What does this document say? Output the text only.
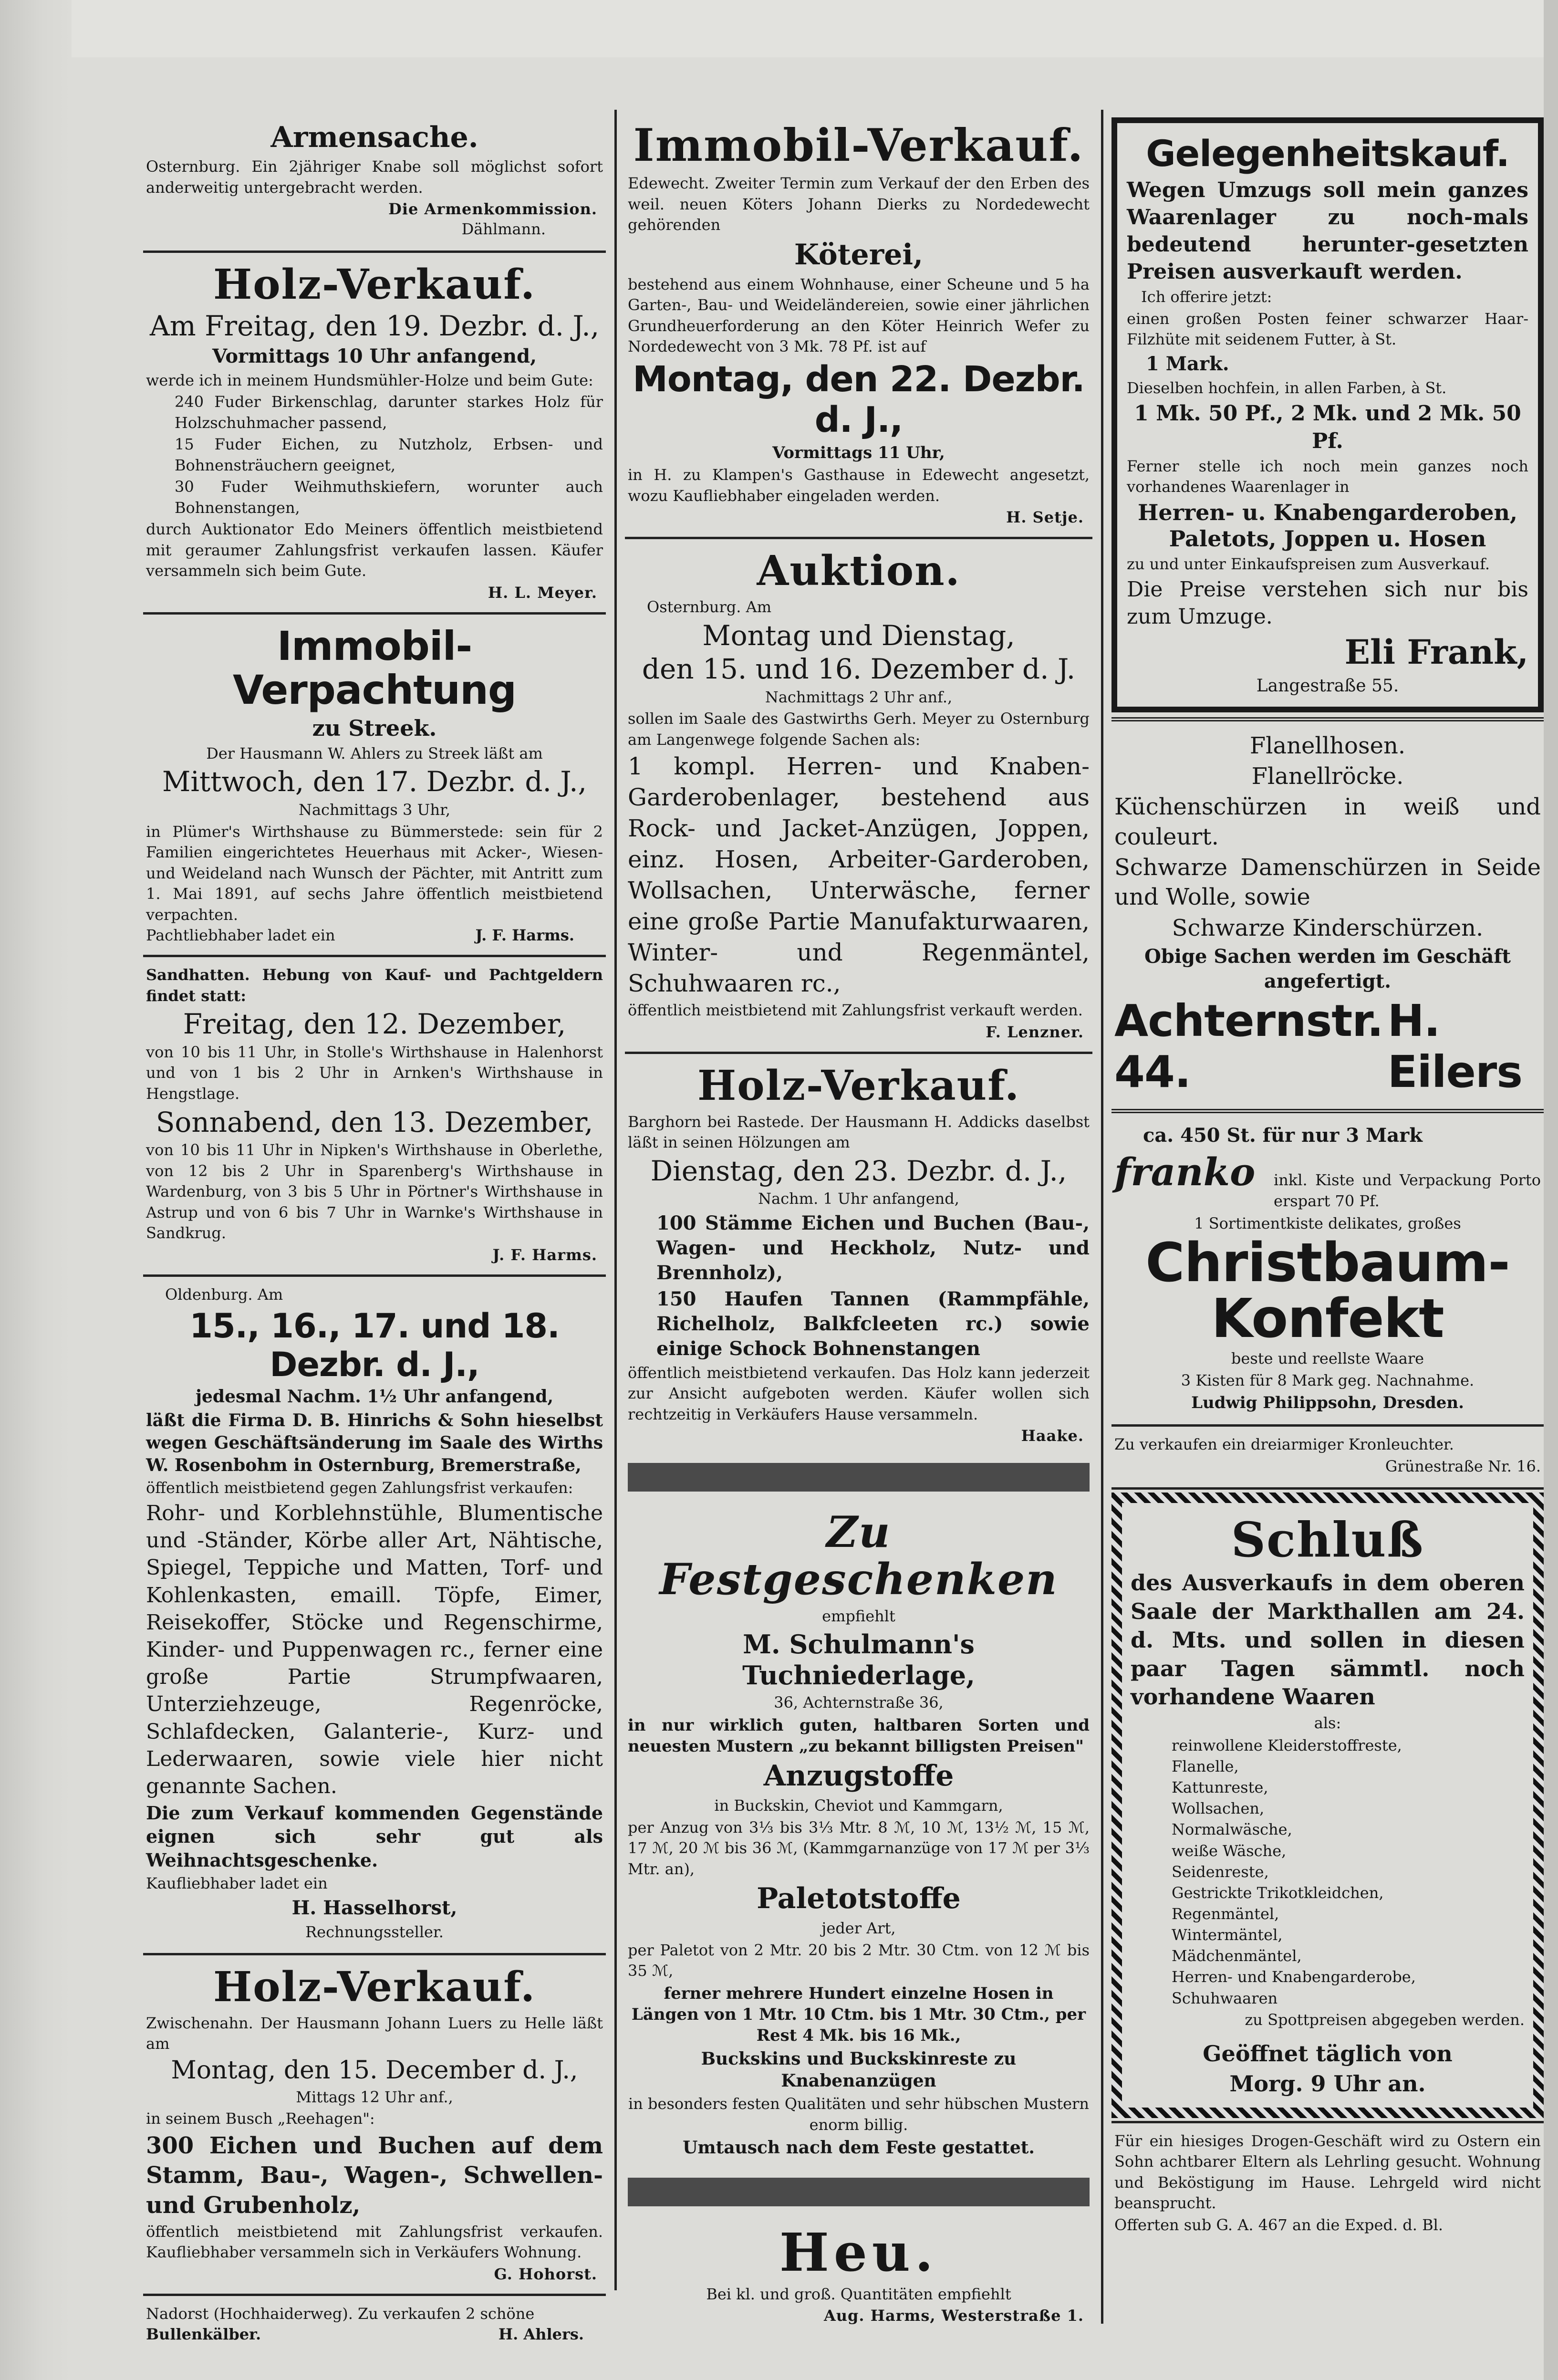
Armensache.
Osternburg. Ein 2jähriger Knabe soll möglichst sofort anderweitig untergebracht werden.
Die Armenkommission.
Dählmann.
Holz-Verkauf.
Am Freitag, den 19. Dezbr. d. J.,
Vormittags 10 Uhr anfangend,
werde ich in meinem Hundsmühler-Holze und beim Gute:
240 Fuder Birkenschlag, darunter starkes Holz für Holzschuhmacher passend,
15 Fuder Eichen, zu Nutzholz, Erbsen- und Bohnensträuchern geeignet,
30 Fuder Weihmuthskiefern, worunter auch Bohnenstangen,
durch Auktionator Edo Meiners öffentlich meistbietend mit geraumer Zahlungsfrist verkaufen lassen. Käufer versammeln sich beim Gute.
H. L. Meyer.
Immobil-Verpachtung
zu Streek.
Der Hausmann W. Ahlers zu Streek läßt am
Mittwoch, den 17. Dezbr. d. J.,
Nachmittags 3 Uhr,
in Plümer's Wirthshause zu Bümmerstede: sein für 2 Familien eingerichtetes Heuerhaus mit Acker-, Wiesen- und Weideland nach Wunsch der Pächter, mit Antritt zum 1. Mai 1891, auf sechs Jahre öffentlich meistbietend verpachten.
Pachtliebhaber ladet ein	J. F. Harms.
Sandhatten. Hebung von Kauf- und Pachtgeldern findet statt:
Freitag, den 12. Dezember,
von 10 bis 11 Uhr, in Stolle's Wirthshause in Halenhorst und von 1 bis 2 Uhr in Arnken's Wirthshause in Hengstlage.
Sonnabend, den 13. Dezember,
von 10 bis 11 Uhr in Nipken's Wirthshause in Oberlethe, von 12 bis 2 Uhr in Sparenberg's Wirthshause in Wardenburg, von 3 bis 5 Uhr in Pörtner's Wirthshause in Astrup und von 6 bis 7 Uhr in Warnke's Wirthshause in Sandkrug.
J. F. Harms.
Oldenburg. Am
15., 16., 17. und 18. Dezbr. d. J.,
jedesmal Nachm. 1½ Uhr anfangend,
läßt die Firma D. B. Hinrichs & Sohn hieselbst wegen Geschäftsänderung im Saale des Wirths W. Rosenbohm in Osternburg, Bremerstraße,
öffentlich meistbietend gegen Zahlungsfrist verkaufen:
Rohr- und Korblehnstühle, Blumentische und -Ständer, Körbe aller Art, Nähtische, Spiegel, Teppiche und Matten, Torf- und Kohlenkasten, emaill. Töpfe, Eimer, Reisekoffer, Stöcke und Regenschirme, Kinder- und Puppenwagen rc., ferner eine große Partie Strumpfwaaren, Unterziehzeuge, Regenröcke, Schlafdecken, Galanterie-, Kurz- und Lederwaaren, sowie viele hier nicht genannte Sachen.
Die zum Verkauf kommenden Gegenstände eignen sich sehr gut als Weihnachtsgeschenke.
Kaufliebhaber ladet ein
H. Hasselhorst,
Rechnungssteller.
Holz-Verkauf.
Zwischenahn. Der Hausmann Johann Luers zu Helle läßt am
Montag, den 15. December d. J.,
Mittags 12 Uhr anf.,
in seinem Busch „Reehagen":
300 Eichen und Buchen auf dem Stamm, Bau-, Wagen-, Schwellen- und Grubenholz,
öffentlich meistbietend mit Zahlungsfrist verkaufen. Kaufliebhaber versammeln sich in Verkäufers Wohnung.
G. Hohorst.
Nadorst (Hochhaiderweg). Zu verkaufen 2 schöne
Bullenkälber.	H. Ahlers.
Immobil-Verkauf.
Edewecht. Zweiter Termin zum Verkauf der den Erben des weil. neuen Köters Johann Dierks zu Nordedewecht gehörenden
Köterei,
bestehend aus einem Wohnhause, einer Scheune und 5 ha Garten-, Bau- und Weideländereien, sowie einer jährlichen Grundheuerforderung an den Köter Heinrich Wefer zu Nordedewecht von 3 Mk. 78 Pf. ist auf
Montag, den 22. Dezbr. d. J.,
Vormittags 11 Uhr,
in H. zu Klampen's Gasthause in Edewecht angesetzt, wozu Kaufliebhaber eingeladen werden.
H. Setje.
Auktion.
Osternburg. Am
Montag und Dienstag,
den 15. und 16. Dezember d. J.
Nachmittags 2 Uhr anf.,
sollen im Saale des Gastwirths Gerh. Meyer zu Osternburg am Langenwege folgende Sachen als:
1 kompl. Herren- und Knaben-Garderobenlager, bestehend aus Rock- und Jacket-Anzügen, Joppen, einz. Hosen, Arbeiter-Garderoben, Wollsachen, Unterwäsche, ferner eine große Partie Manufakturwaaren, Winter- und Regenmäntel, Schuhwaaren rc.,
öffentlich meistbietend mit Zahlungsfrist verkauft werden.
F. Lenzner.
Holz-Verkauf.
Barghorn bei Rastede. Der Hausmann H. Addicks daselbst läßt in seinen Hölzungen am
Dienstag, den 23. Dezbr. d. J.,
Nachm. 1 Uhr anfangend,
100 Stämme Eichen und Buchen (Bau-, Wagen- und Heckholz, Nutz- und Brennholz),
150 Haufen Tannen (Rammpfähle, Richelholz, Balkfcleeten rc.) sowie einige Schock Bohnenstangen
öffentlich meistbietend verkaufen. Das Holz kann jederzeit zur Ansicht aufgeboten werden. Käufer wollen sich rechtzeitig in Verkäufers Hause versammeln.
Haake.
Zu Festgeschenken
empfiehlt
M. Schulmann's Tuchniederlage,
36, Achternstraße 36,
in nur wirklich guten, haltbaren Sorten und neuesten Mustern „zu bekannt billigsten Preisen"
Anzugstoffe
in Buckskin, Cheviot und Kammgarn,
per Anzug von 3⅓ bis 3⅓ Mtr. 8 ℳ, 10 ℳ, 13½ ℳ, 15 ℳ, 17 ℳ, 20 ℳ bis 36 ℳ, (Kammgarnanzüge von 17 ℳ per 3⅓ Mtr. an),
Paletotstoffe
jeder Art,
per Paletot von 2 Mtr. 20 bis 2 Mtr. 30 Ctm. von 12 ℳ bis 35 ℳ,
ferner mehrere Hundert einzelne Hosen in Längen von 1 Mtr. 10 Ctm. bis 1 Mtr. 30 Ctm., per Rest 4 Mk. bis 16 Mk.,
Buckskins und Buckskinreste zu Knabenanzügen
in besonders festen Qualitäten und sehr hübschen Mustern enorm billig.
Umtausch nach dem Feste gestattet.
Heu.
Bei kl. und groß. Quantitäten empfiehlt
Aug. Harms, Westerstraße 1.
Gelegenheitskauf.
Wegen Umzugs soll mein ganzes Waarenlager zu noch-mals bedeutend herunter-gesetzten Preisen ausverkauft werden.
Ich offerire jetzt:
einen großen Posten feiner schwarzer Haar-Filzhüte mit seidenem Futter, à St.
1 Mark.
Dieselben hochfein, in allen Farben, à St.
1 Mk. 50 Pf., 2 Mk. und 2 Mk. 50 Pf.
Ferner stelle ich noch mein ganzes noch vorhandenes Waarenlager in
Herren- u. Knabengarderoben, Paletots, Joppen u. Hosen
zu und unter Einkaufspreisen zum Ausverkauf.
Die Preise verstehen sich nur bis zum Umzuge.
Eli Frank,
Langestraße 55.
Flanellhosen.
Flanellröcke.
Küchenschürzen in weiß und couleurt.
Schwarze Damenschürzen in Seide und Wolle, sowie
Schwarze Kinderschürzen.
Obige Sachen werden im Geschäft angefertigt.
Achternstr. 44.
H. Eilers
ca. 450 St. für nur 3 Mark
franko inkl. Kiste und Verpackung Porto erspart 70 Pf.
1 Sortimentkiste delikates, großes
Christbaum-Konfekt
beste und reellste Waare
3 Kisten für 8 Mark geg. Nachnahme.
Ludwig Philippsohn, Dresden.
Zu verkaufen ein dreiarmiger Kronleuchter.
Grünestraße Nr. 16.
Schluß
des Ausverkaufs in dem oberen Saale der Markthallen am 24. d. Mts. und sollen in diesen paar Tagen sämmtl. noch vorhandene Waaren
als:
reinwollene Kleiderstoffreste,
Flanelle,
Kattunreste,
Wollsachen,
Normalwäsche,
weiße Wäsche,
Seidenreste,
Gestrickte Trikotkleidchen,
Regenmäntel,
Wintermäntel,
Mädchenmäntel,
Herren- und Knabengarderobe,
Schuhwaaren
zu Spottpreisen abgegeben werden.
Geöffnet täglich von
Morg. 9 Uhr an.
Für ein hiesiges Drogen-Geschäft wird zu Ostern ein Sohn achtbarer Eltern als Lehrling gesucht. Wohnung und Beköstigung im Hause. Lehrgeld wird nicht beansprucht.
Offerten sub G. A. 467 an die Exped. d. Bl.
